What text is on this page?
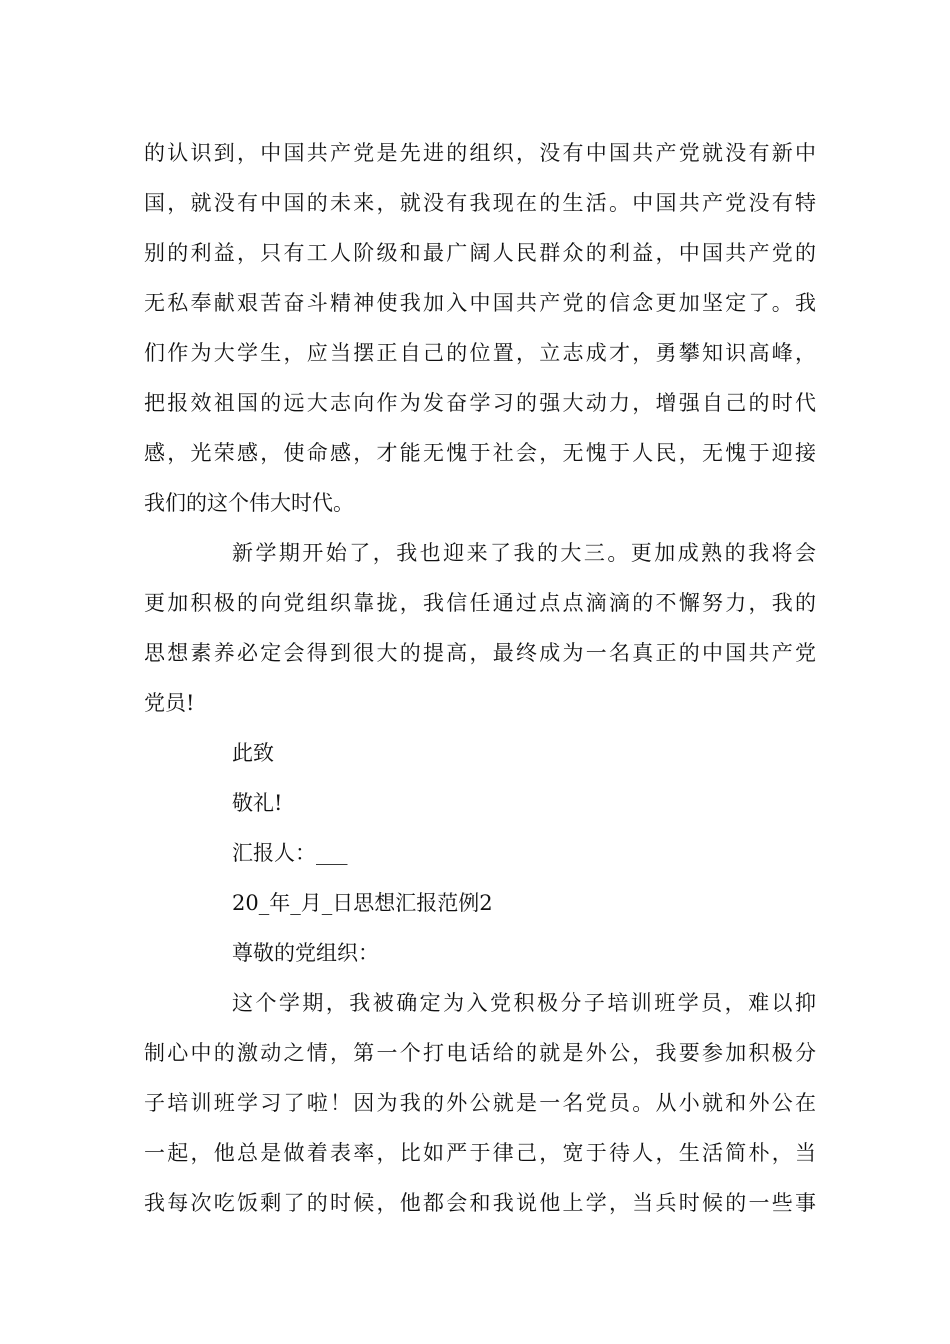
的认识到，中国共产党是先进的组织，没有中国共产党就没有新中
国，就没有中国的未来，就没有我现在的生活。中国共产党没有特
别的利益，只有工人阶级和最广阔人民群众的利益，中国共产党的
无私奉献艰苦奋斗精神使我加入中国共产党的信念更加坚定了。我
们作为大学生，应当摆正自己的位置，立志成才，勇攀知识高峰，
把报效祖国的远大志向作为发奋学习的强大动力，增强自己的时代
感，光荣感，使命感，才能无愧于社会，无愧于人民，无愧于迎接
我们的这个伟大时代。
新学期开始了，我也迎来了我的大三。更加成熟的我将会
更加积极的向党组织靠拢，我信任通过点点滴滴的不懈努力，我的
思想素养必定会得到很大的提高，最终成为一名真正的中国共产党
党员!
此致
敬礼!
汇报人：___
20_年_月_日思想汇报范例2
尊敬的党组织：
这个学期，我被确定为入党积极分子培训班学员，难以抑
制心中的激动之情，第一个打电话给的就是外公，我要参加积极分
子培训班学习了啦！因为我的外公就是一名党员。从小就和外公在
一起，他总是做着表率，比如严于律己，宽于待人，生活简朴，当
我每次吃饭剩了的时候，他都会和我说他上学，当兵时候的一些事
